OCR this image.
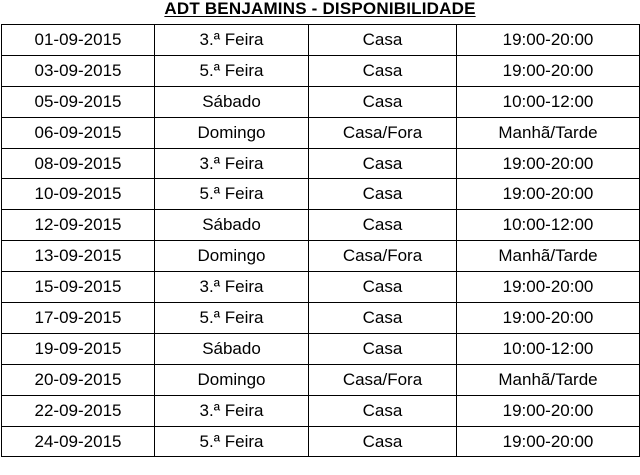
ADT BENJAMINS - DISPONIBILIDADE
01-09-2015	3.ª Feira	Casa	19:00-20:00
03-09-2015	5.ª Feira	Casa	19:00-20:00
05-09-2015	Sábado	Casa	10:00-12:00
06-09-2015	Domingo	Casa/Fora	Manhã/Tarde
08-09-2015	3.ª Feira	Casa	19:00-20:00
10-09-2015	5.ª Feira	Casa	19:00-20:00
12-09-2015	Sábado	Casa	10:00-12:00
13-09-2015	Domingo	Casa/Fora	Manhã/Tarde
15-09-2015	3.ª Feira	Casa	19:00-20:00
17-09-2015	5.ª Feira	Casa	19:00-20:00
19-09-2015	Sábado	Casa	10:00-12:00
20-09-2015	Domingo	Casa/Fora	Manhã/Tarde
22-09-2015	3.ª Feira	Casa	19:00-20:00
24-09-2015	5.ª Feira	Casa	19:00-20:00
